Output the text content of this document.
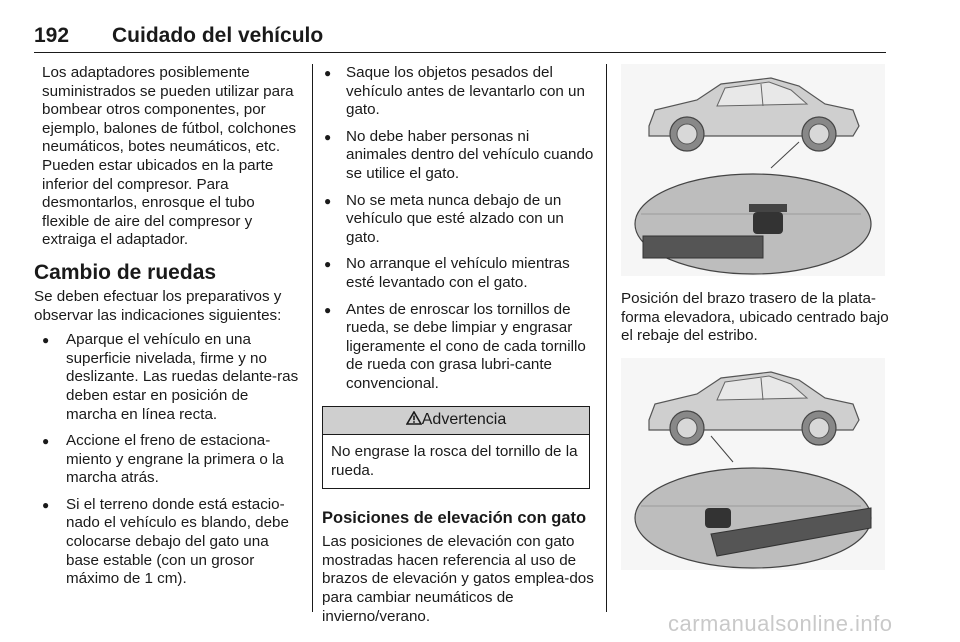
192 Cuidado del vehículo

Los adaptadores posiblemente suministrados se pueden utilizar para bombear otros componentes, por ejemplo, balones de fútbol, colchones neumáticos, botes neumáticos, etc. Pueden estar ubicados en la parte inferior del compresor. Para desmontarlos, enrosque el tubo flexible de aire del compresor y extraiga el adaptador.

Cambio de ruedas

Se deben efectuar los preparativos y observar las indicaciones siguientes:

● Aparque el vehículo en una superficie nivelada, firme y no deslizante. Las ruedas delante-ras deben estar en posición de marcha en línea recta.
● Accione el freno de estaciona-miento y engrane la primera o la marcha atrás.
● Si el terreno donde está estacio-nado el vehículo es blando, debe colocarse debajo del gato una base estable (con un grosor máximo de 1 cm).
● Saque los objetos pesados del vehículo antes de levantarlo con un gato.
● No debe haber personas ni animales dentro del vehículo cuando se utilice el gato.
● No se meta nunca debajo de un vehículo que esté alzado con un gato.
● No arranque el vehículo mientras esté levantado con el gato.
● Antes de enroscar los tornillos de rueda, se debe limpiar y engrasar ligeramente el cono de cada tornillo de rueda con grasa lubri-cante convencional.
Advertencia
No engrase la rosca del tornillo de la rueda.
Posiciones de elevación con gato

Las posiciones de elevación con gato mostradas hacen referencia al uso de brazos de elevación y gatos emplea-dos para cambiar neumáticos de invierno/verano.

Posición del brazo trasero de la plata-forma elevadora, ubicado centrado bajo el rebaje del estribo.

carmanualsonline.info
